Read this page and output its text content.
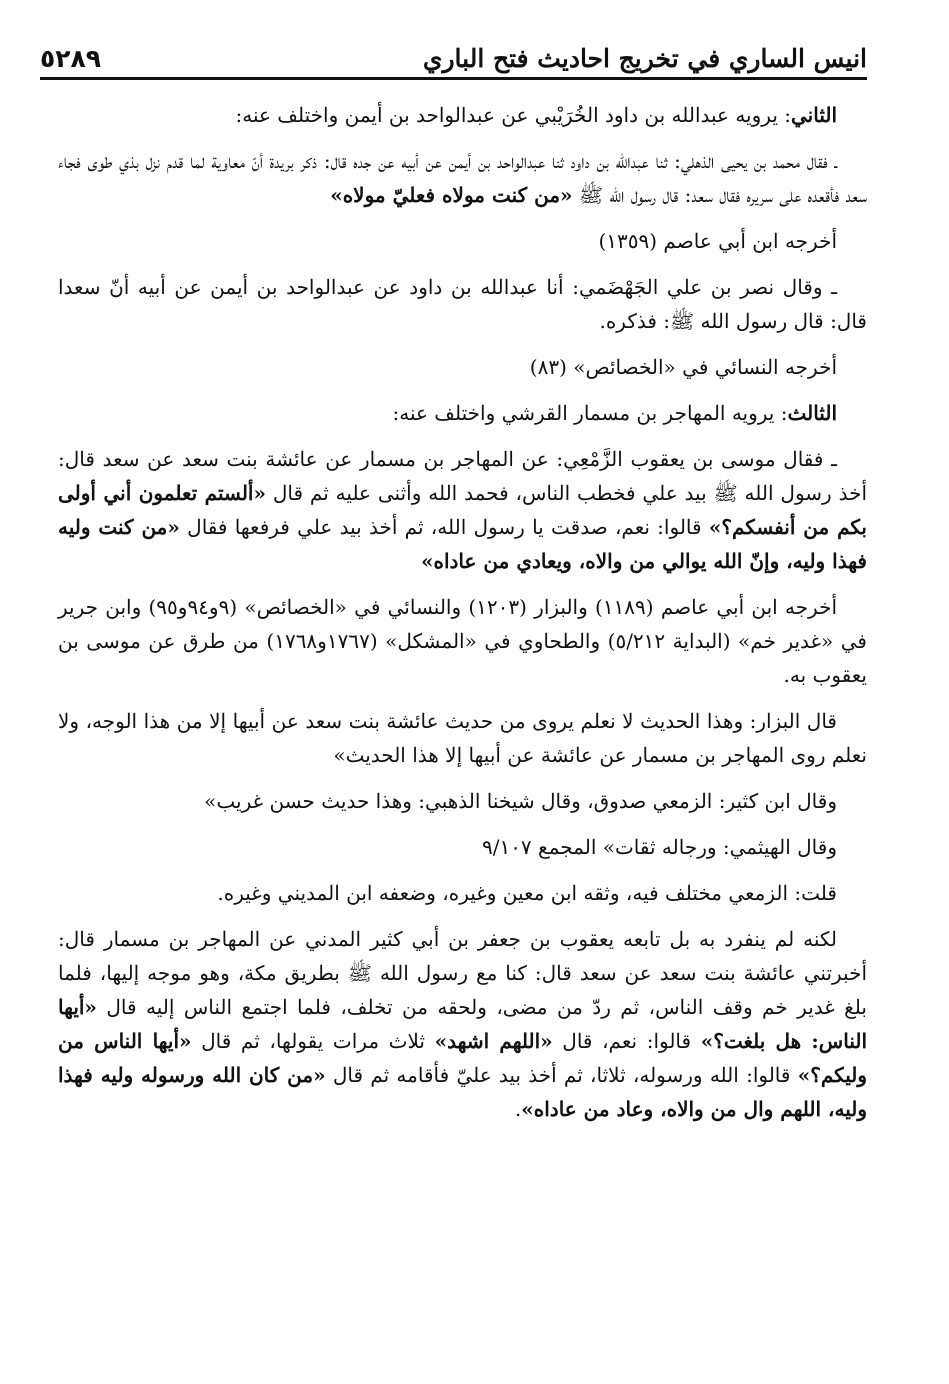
انيس الساري في تخريج احاديث فتح الباري
٥٢٨٩

الثاني: يرويه عبدالله بن داود الخُرَيْبي عن عبدالواحد بن أيمن واختلف عنه:

ـ فقال محمد بن يحيى الذهلي: ثنا عبدالله بن داود ثنا عبدالواحد بن أيمن عن أبيه عن جده قال: ذكر بريدة أنّ معاوية لما قدم نزل بذي طوى فجاء سعد فأقعده على سريره فقال سعد: قال رسول الله ﷺ «من كنت مولاه فعليّ مولاه»

أخرجه ابن أبي عاصم (١٣٥٩)

ـ وقال نصر بن علي الجَهْضَمي: أنا عبدالله بن داود عن عبدالواحد بن أيمن عن أبيه أنّ سعدا قال: قال رسول الله ﷺ: فذكره.

أخرجه النسائي في «الخصائص» (٨٣)

الثالث: يرويه المهاجر بن مسمار القرشي واختلف عنه:

ـ فقال موسى بن يعقوب الزَّمْعِي: عن المهاجر بن مسمار عن عائشة بنت سعد عن سعد قال: أخذ رسول الله ﷺ بيد علي فخطب الناس، فحمد الله وأثنى عليه ثم قال «ألستم تعلمون أني أولى بكم من أنفسكم؟» قالوا: نعم، صدقت يا رسول الله، ثم أخذ بيد علي فرفعها فقال «من كنت وليه فهذا وليه، وإنّ الله يوالي من والاه، ويعادي من عاداه»

أخرجه ابن أبي عاصم (١١٨٩) والبزار (١٢٠٣) والنسائي في «الخصائص» (٩و٩٤و٩٥) وابن جرير في «غدير خم» (البداية ٥/٢١٢) والطحاوي في «المشكل» (١٧٦٧و١٧٦٨) من طرق عن موسى بن يعقوب به.

قال البزار: وهذا الحديث لا نعلم يروى من حديث عائشة بنت سعد عن أبيها إلا من هذا الوجه، ولا نعلم روى المهاجر بن مسمار عن عائشة عن أبيها إلا هذا الحديث»

وقال ابن كثير: الزمعي صدوق، وقال شيخنا الذهبي: وهذا حديث حسن غريب»

وقال الهيثمي: ورجاله ثقات» المجمع ٩/١٠٧

قلت: الزمعي مختلف فيه، وثقه ابن معين وغيره، وضعفه ابن المديني وغيره.

لكنه لم ينفرد به بل تابعه يعقوب بن جعفر بن أبي كثير المدني عن المهاجر بن مسمار قال: أخبرتني عائشة بنت سعد عن سعد قال: كنا مع رسول الله ﷺ بطريق مكة، وهو موجه إليها، فلما بلغ غدير خم وقف الناس، ثم ردّ من مضى، ولحقه من تخلف، فلما اجتمع الناس إليه قال «أيها الناس: هل بلغت؟» قالوا: نعم، قال «اللهم اشهد» ثلاث مرات يقولها، ثم قال «أيها الناس من وليكم؟» قالوا: الله ورسوله، ثلاثا، ثم أخذ بيد عليّ فأقامه ثم قال «من كان الله ورسوله وليه فهذا وليه، اللهم وال من والاه، وعاد من عاداه».
